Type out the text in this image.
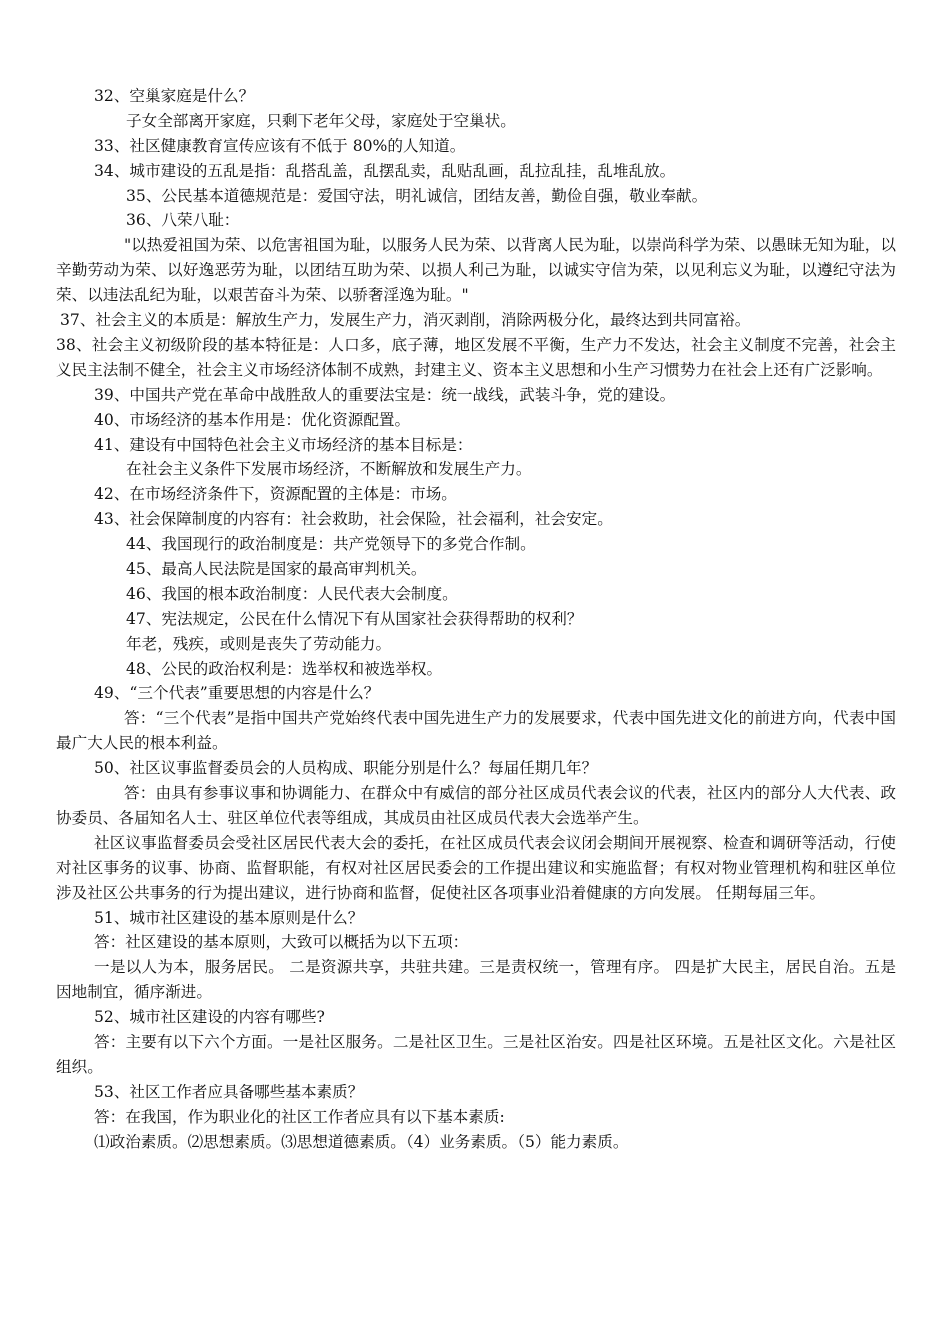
32、空巢家庭是什么？
子女全部离开家庭，只剩下老年父母，家庭处于空巢状。
33、社区健康教育宣传应该有不低于 80%的人知道。
34、城市建设的五乱是指：乱搭乱盖，乱摆乱卖，乱贴乱画，乱拉乱挂，乱堆乱放。
35、公民基本道德规范是：爱国守法，明礼诚信，团结友善，勤俭自强，敬业奉献。
36、八荣八耻：
"以热爱祖国为荣、以危害祖国为耻，以服务人民为荣、以背离人民为耻，以崇尚科学为荣、以愚昧无知为耻，以辛勤劳动为荣、以好逸恶劳为耻，以团结互助为荣、以损人利己为耻，以诚实守信为荣，以见利忘义为耻，以遵纪守法为荣、以违法乱纪为耻，以艰苦奋斗为荣、以骄奢淫逸为耻。"
37、社会主义的本质是：解放生产力，发展生产力，消灭剥削，消除两极分化，最终达到共同富裕。
38、社会主义初级阶段的基本特征是：人口多，底子薄，地区发展不平衡，生产力不发达，社会主义制度不完善，社会主义民主法制不健全，社会主义市场经济体制不成熟，封建主义、资本主义思想和小生产习惯势力在社会上还有广泛影响。
39、中国共产党在革命中战胜敌人的重要法宝是：统一战线，武装斗争，党的建设。
40、市场经济的基本作用是：优化资源配置。
41、建设有中国特色社会主义市场经济的基本目标是：
在社会主义条件下发展市场经济，不断解放和发展生产力。
42、在市场经济条件下，资源配置的主体是：市场。
43、社会保障制度的内容有：社会救助，社会保险，社会福利，社会安定。
44、我国现行的政治制度是：共产党领导下的多党合作制。
45、最高人民法院是国家的最高审判机关。
46、我国的根本政治制度：人民代表大会制度。
47、宪法规定，公民在什么情况下有从国家社会获得帮助的权利？
年老，残疾，或则是丧失了劳动能力。
48、公民的政治权利是：选举权和被选举权。
49、“三个代表”重要思想的内容是什么？
答：“三个代表”是指中国共产党始终代表中国先进生产力的发展要求，代表中国先进文化的前进方向，代表中国最广大人民的根本利益。
50、社区议事监督委员会的人员构成、职能分别是什么？每届任期几年？
答：由具有参事议事和协调能力、在群众中有威信的部分社区成员代表会议的代表，社区内的部分人大代表、政协委员、各届知名人士、驻区单位代表等组成，其成员由社区成员代表大会选举产生。
社区议事监督委员会受社区居民代表大会的委托，在社区成员代表会议闭会期间开展视察、检查和调研等活动，行使对社区事务的议事、协商、监督职能，有权对社区居民委会的工作提出建议和实施监督；有权对物业管理机构和驻区单位涉及社区公共事务的行为提出建议，进行协商和监督，促使社区各项事业沿着健康的方向发展。 任期每届三年。
51、城市社区建设的基本原则是什么？
答：社区建设的基本原则，大致可以概括为以下五项：
一是以人为本，服务居民。 二是资源共享，共驻共建。三是责权统一，管理有序。 四是扩大民主，居民自治。五是因地制宜，循序渐进。
52、城市社区建设的内容有哪些?
答：主要有以下六个方面。一是社区服务。二是社区卫生。三是社区治安。四是社区环境。五是社区文化。六是社区组织。
53、社区工作者应具备哪些基本素质？
答：在我国，作为职业化的社区工作者应具有以下基本素质:
⑴政治素质。⑵思想素质。⑶思想道德素质。（4）业务素质。（5）能力素质。
